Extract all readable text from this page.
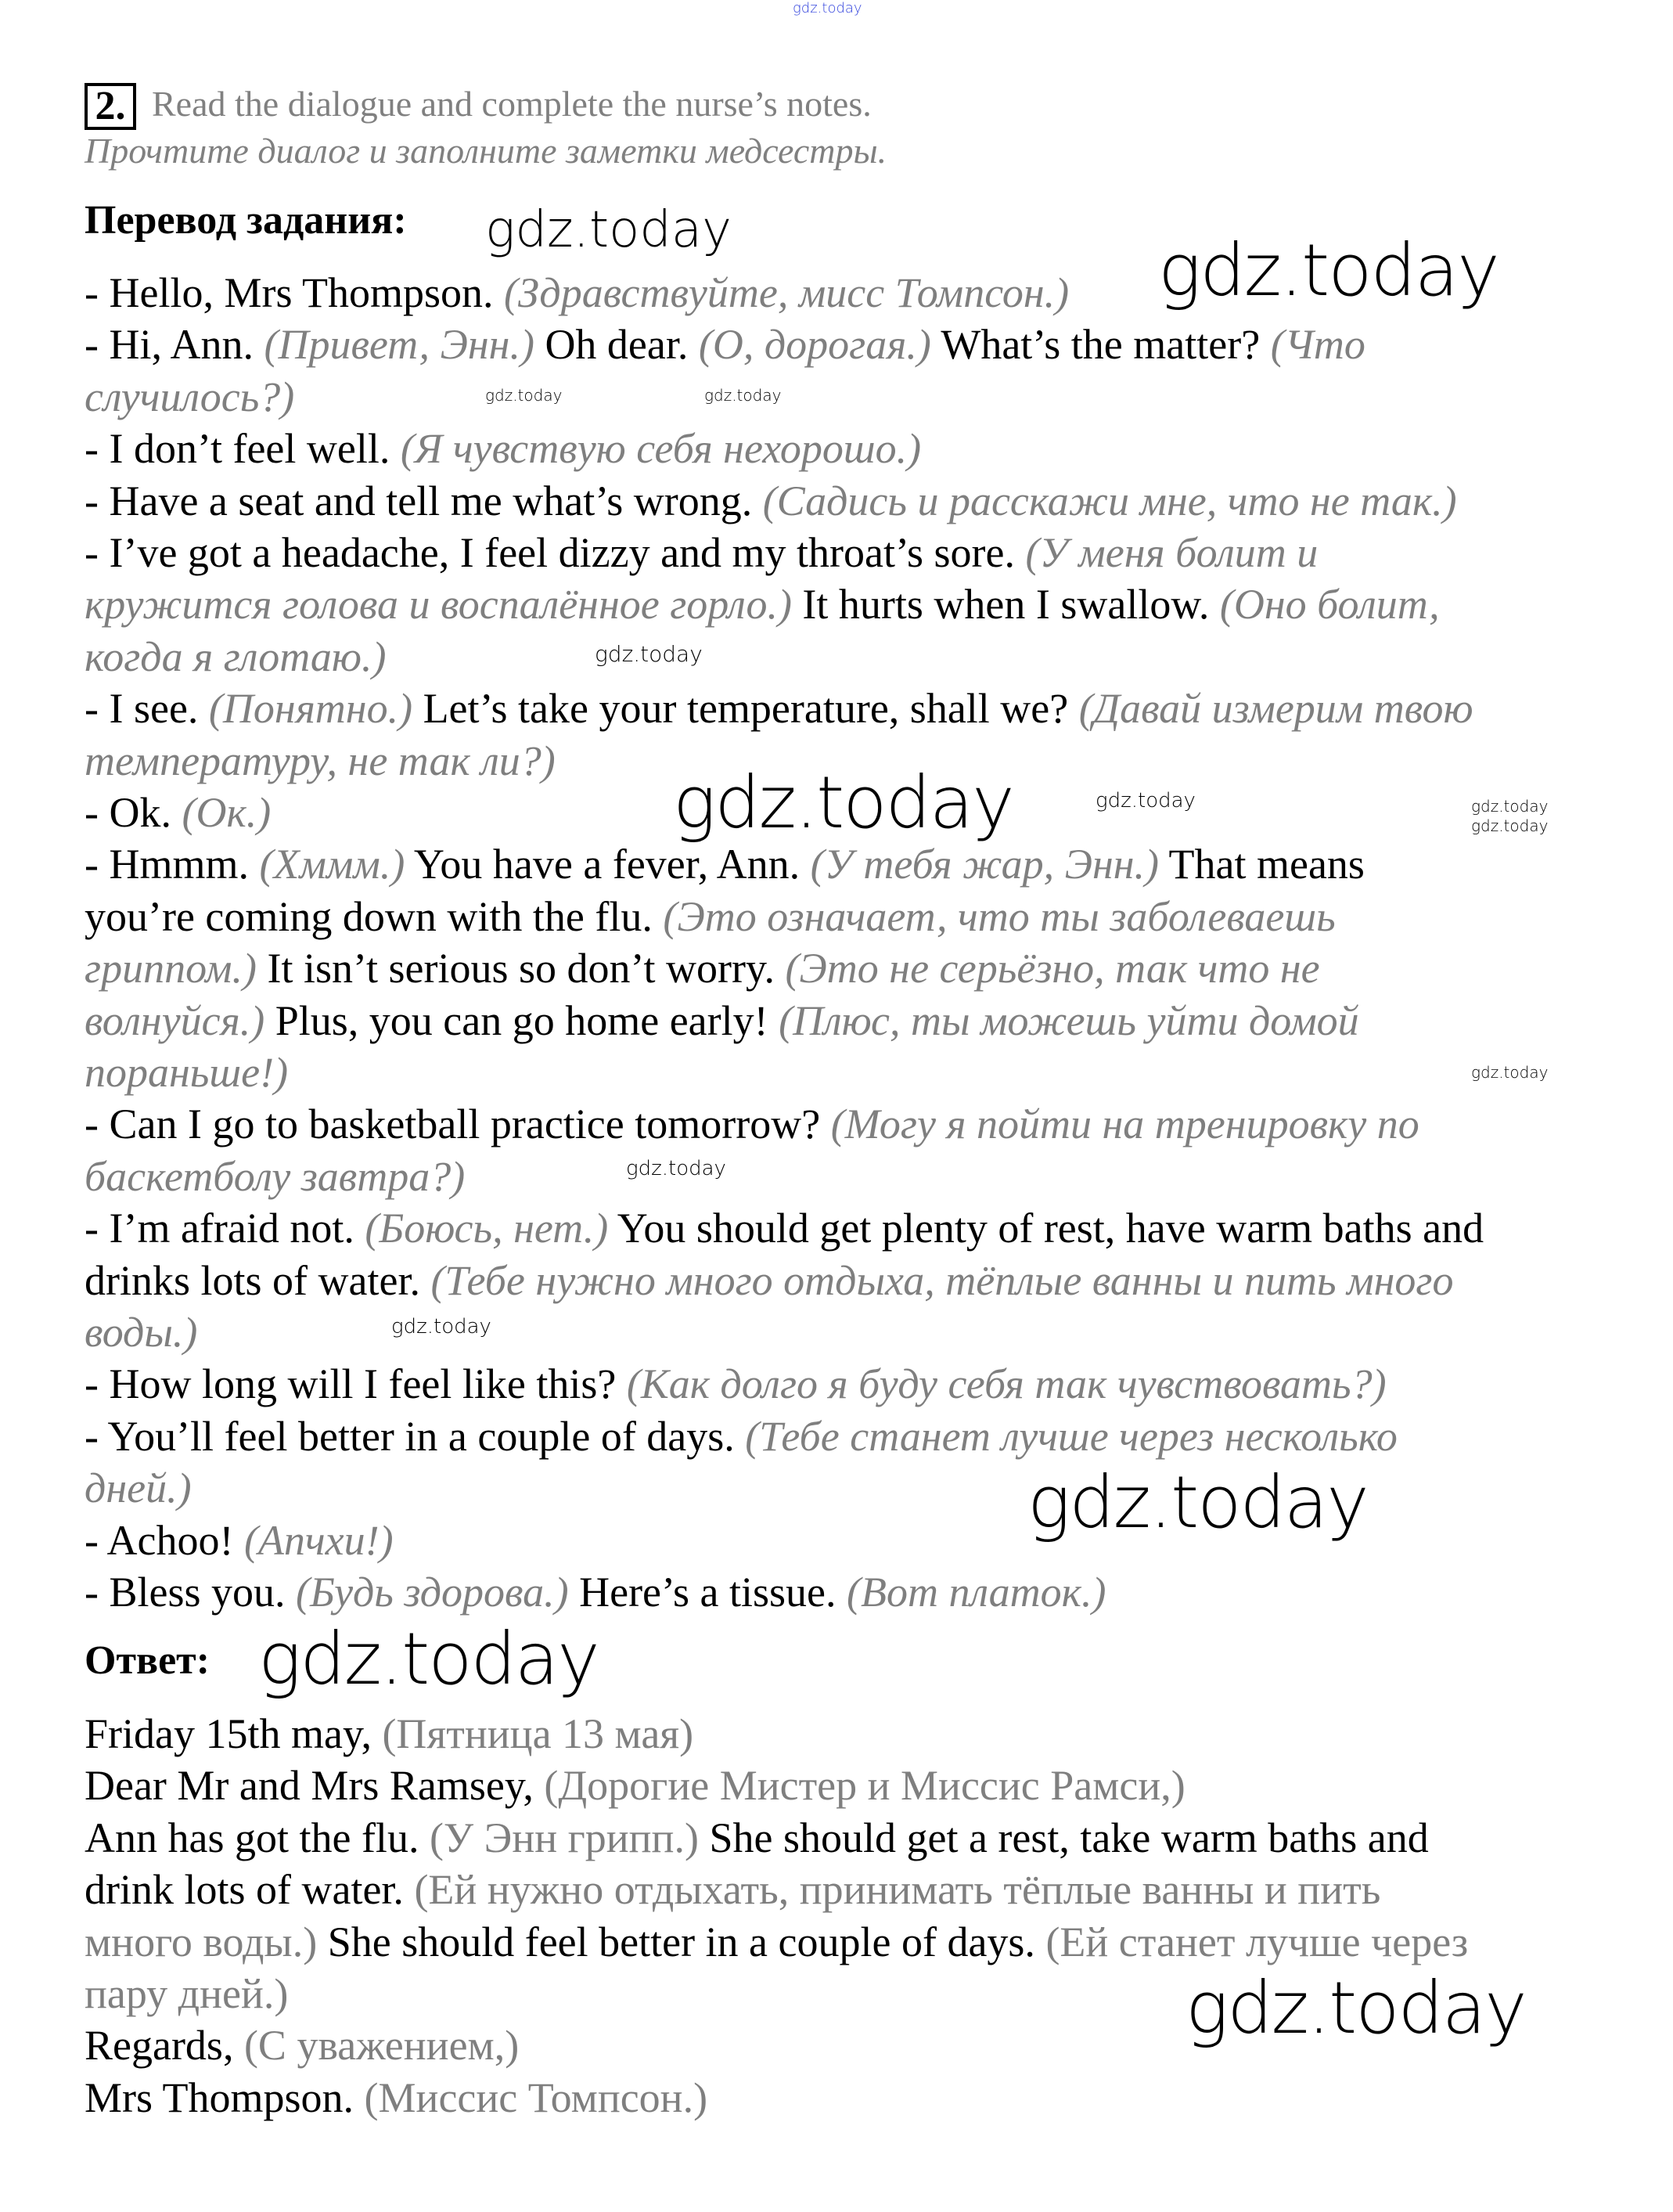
gdz.today
2. Read the dialogue and complete the nurse’s notes.
Прочтите диалог и заполните заметки медсестры.
Перевод задания:
- Hello, Mrs Thompson. (Здравствуйте, мисс Томпсон.)
- Hi, Ann. (Привет, Энн.) Oh dear. (О, дорогая.) What’s the matter? (Что
случилось?)
- I don’t feel well. (Я чувствую себя нехорошо.)
- Have a seat and tell me what’s wrong. (Садись и расскажи мне, что не так.)
- I’ve got a headache, I feel dizzy and my throat’s sore. (У меня болит и
кружится голова и воспалённое горло.) It hurts when I swallow. (Оно болит,
когда я глотаю.)
- I see. (Понятно.) Let’s take your temperature, shall we? (Давай измерим твою
температуру, не так ли?)
- Ok. (Ок.)
- Hmmm. (Хммм.) You have a fever, Ann. (У тебя жар, Энн.) That means
you’re coming down with the flu. (Это означает, что ты заболеваешь
гриппом.) It isn’t serious so don’t worry. (Это не серьёзно, так что не
волнуйся.) Plus, you can go home early! (Плюс, ты можешь уйти домой
пораньше!)
- Can I go to basketball practice tomorrow? (Могу я пойти на тренировку по
баскетболу завтра?)
- I’m afraid not. (Боюсь, нет.) You should get plenty of rest, have warm baths and
drinks lots of water. (Тебе нужно много отдыха, тёплые ванны и пить много
воды.)
- How long will I feel like this? (Как долго я буду себя так чувствовать?)
- You’ll feel better in a couple of days. (Тебе станет лучше через несколько
дней.)
- Achoo! (Апчхи!)
- Bless you. (Будь здорова.) Here’s a tissue. (Вот платок.)
Ответ:
Friday 15th may, (Пятница 13 мая)
Dear Mr and Mrs Ramsey, (Дорогие Мистер и Миссис Рамси,)
Ann has got the flu. (У Энн грипп.) She should get a rest, take warm baths and
drink lots of water. (Ей нужно отдыхать, принимать тёплые ванны и пить
много воды.) She should feel better in a couple of days. (Ей станет лучше через
пару дней.)
Regards, (С уважением,)
Mrs Thompson. (Миссис Томпсон.)
gdz.today	gdz.today
gdz.today
gdz.today
gdz.today
gdz.today
gdz.today	gdz.today
gdz.today
gdz.today	gdz.today
gdz.today
gdz.today
gdz.today
gdz.today
